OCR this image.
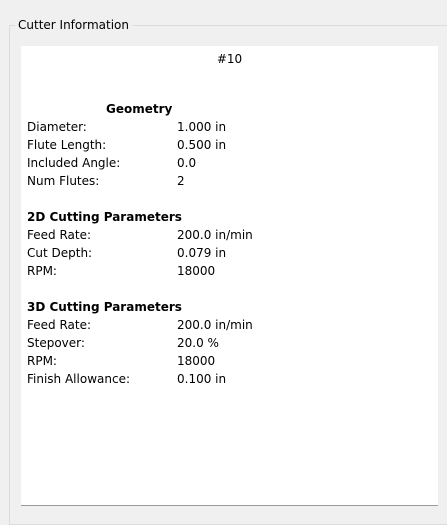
Cutter Information
#10
Geometry
Diameter:	1.000 in
Flute Length:	0.500 in
Included Angle:	0.0
Num Flutes:	2
2D Cutting Parameters
Feed Rate:	200.0 in/min
Cut Depth:	0.079 in
RPM:	18000
3D Cutting Parameters
Feed Rate:	200.0 in/min
Stepover:	20.0 %
RPM:	18000
Finish Allowance:	0.100 in
